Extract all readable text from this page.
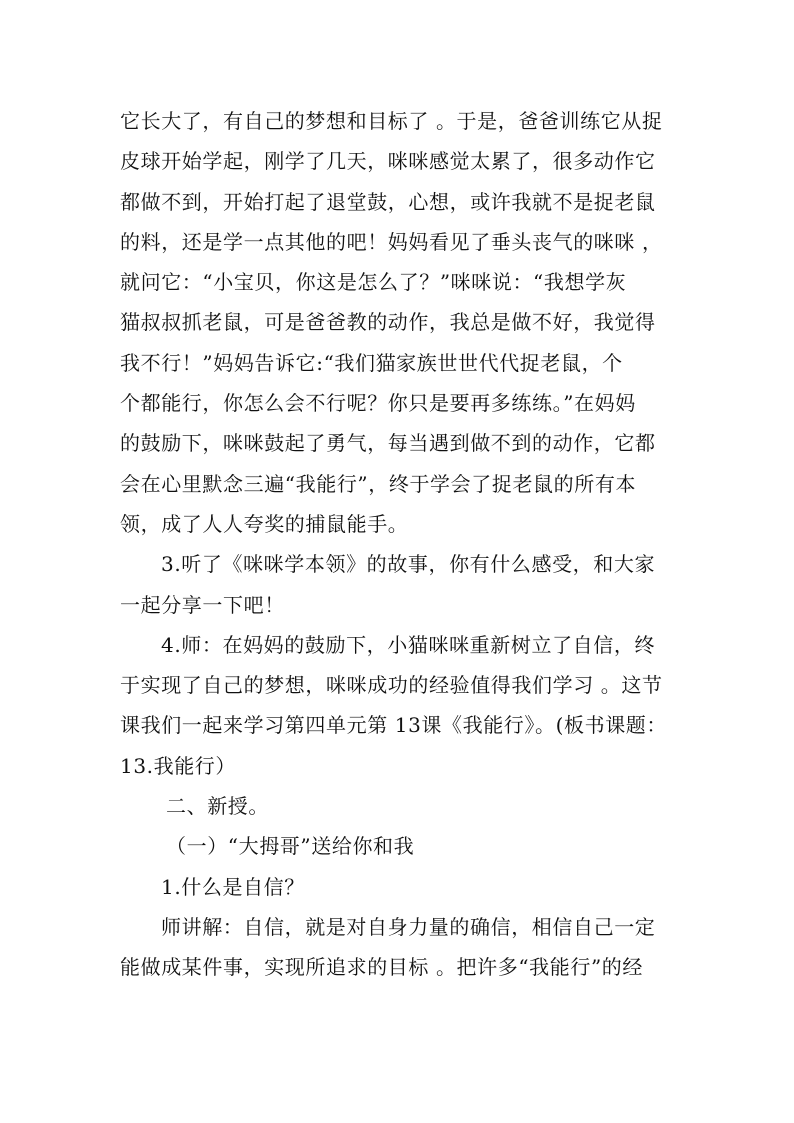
它长大了，有自己的梦想和目标了 。于是，爸爸训练它从捉
皮球开始学起，刚学了几天，咪咪感觉太累了，很多动作它
都做不到，开始打起了退堂鼓，心想，或许我就不是捉老鼠
的料，还是学一点其他的吧！妈妈看见了垂头丧气的咪咪 ，
就问它：“小宝贝，你这是怎么了？”咪咪说：“我想学灰
猫叔叔抓老鼠，可是爸爸教的动作，我总是做不好，我觉得
我不行！”妈妈告诉它:“我们猫家族世世代代捉老鼠，个
个都能行，你怎么会不行呢？你只是要再多练练。”在妈妈
的鼓励下，咪咪鼓起了勇气，每当遇到做不到的动作，它都
会在心里默念三遍“我能行”，终于学会了捉老鼠的所有本
领，成了人人夸奖的捕鼠能手。
3.听了《咪咪学本领》的故事，你有什么感受，和大家
一起分享一下吧！
4.师：在妈妈的鼓励下，小猫咪咪重新树立了自信，终
于实现了自己的梦想，咪咪成功的经验值得我们学习 。这节
课我们一起来学习第四单元第 13课《我能行》。(板书课题：
13.我能行）
二、新授。
（一）“大拇哥”送给你和我
1.什么是自信？
师讲解：自信，就是对自身力量的确信，相信自己一定
能做成某件事，实现所追求的目标 。把许多“我能行”的经
